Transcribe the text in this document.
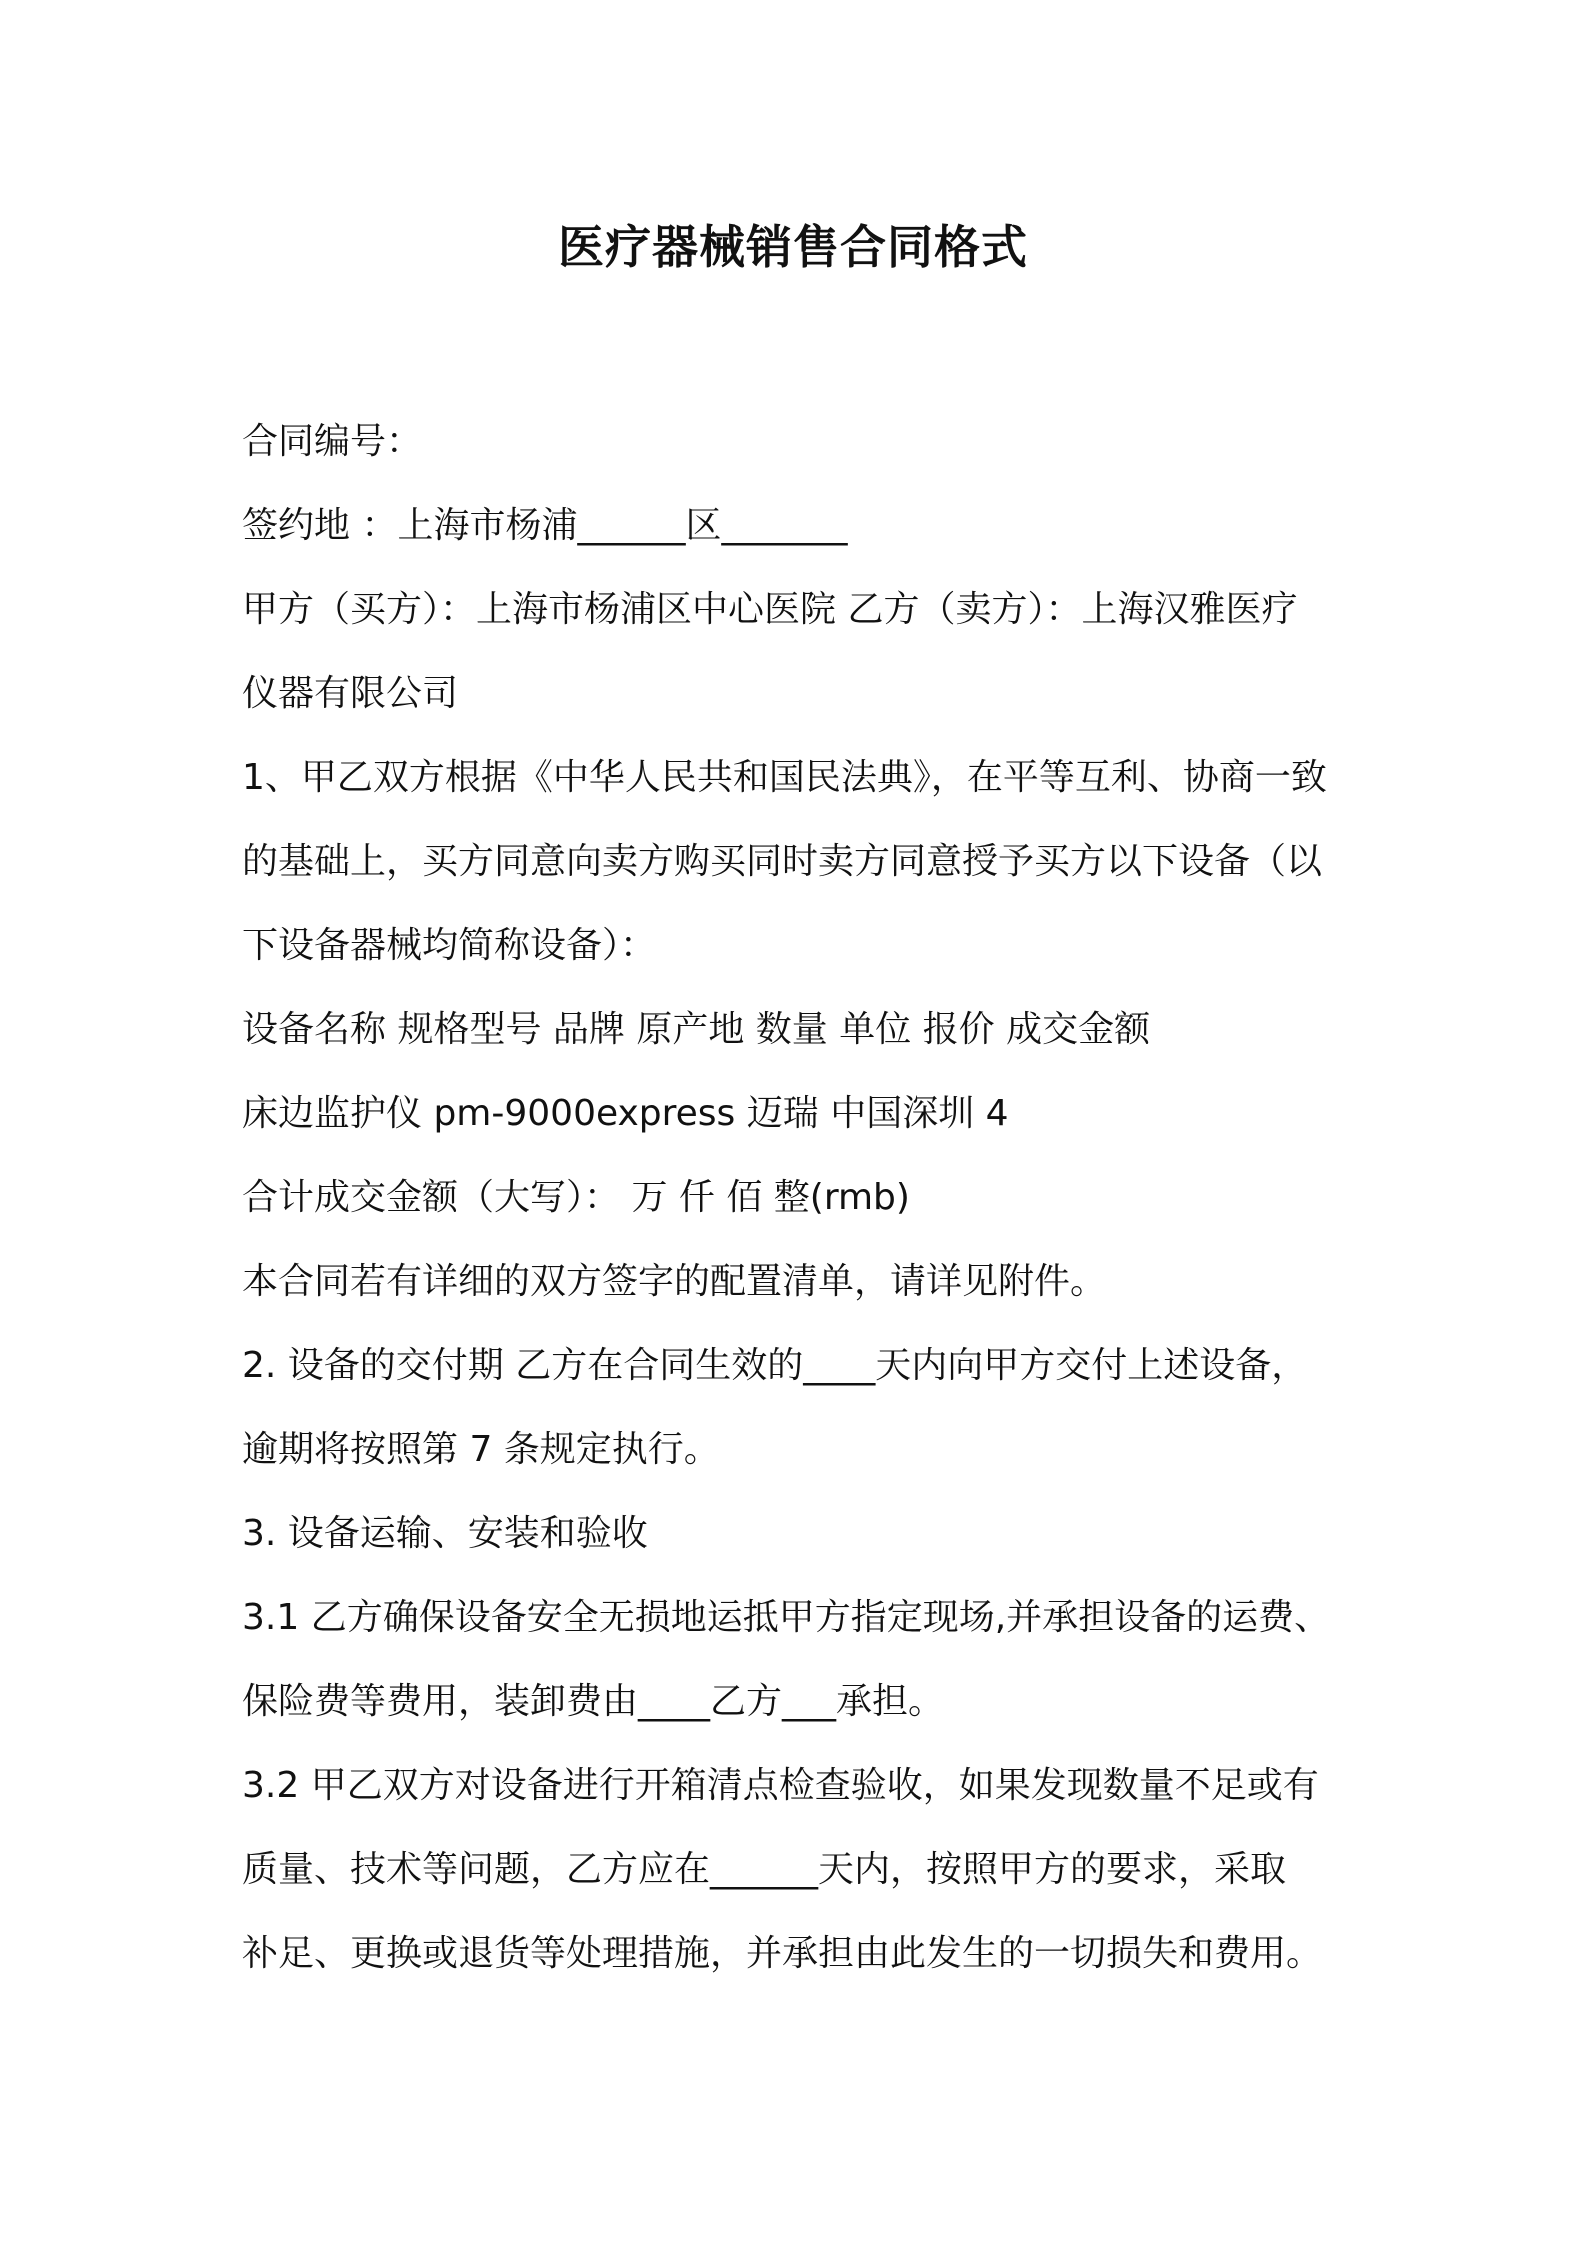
医疗器械销售合同格式
合同编号：
签约地 ：上海市杨浦______区_______
甲方（买方）：上海市杨浦区中心医院 乙方（卖方）：上海汉雅医疗
仪器有限公司
1、甲乙双方根据《中华人民共和国民法典》，在平等互利、协商一致
的基础上，买方同意向卖方购买同时卖方同意授予买方以下设备（以
下设备器械均简称设备）：
设备名称 规格型号 品牌 原产地 数量 单位 报价 成交金额
床边监护仪 pm-9000express 迈瑞 中国深圳 4
合计成交金额（大写）： 万 仟 佰 整(rmb)
本合同若有详细的双方签字的配置清单，请详见附件。
2. 设备的交付期 乙方在合同生效的____天内向甲方交付上述设备，
逾期将按照第 7 条规定执行。
3. 设备运输、安装和验收
3.1 乙方确保设备安全无损地运抵甲方指定现场,并承担设备的运费、
保险费等费用，装卸费由____乙方___承担。
3.2 甲乙双方对设备进行开箱清点检查验收，如果发现数量不足或有
质量、技术等问题，乙方应在______天内，按照甲方的要求，采取
补足、更换或退货等处理措施，并承担由此发生的一切损失和费用。
